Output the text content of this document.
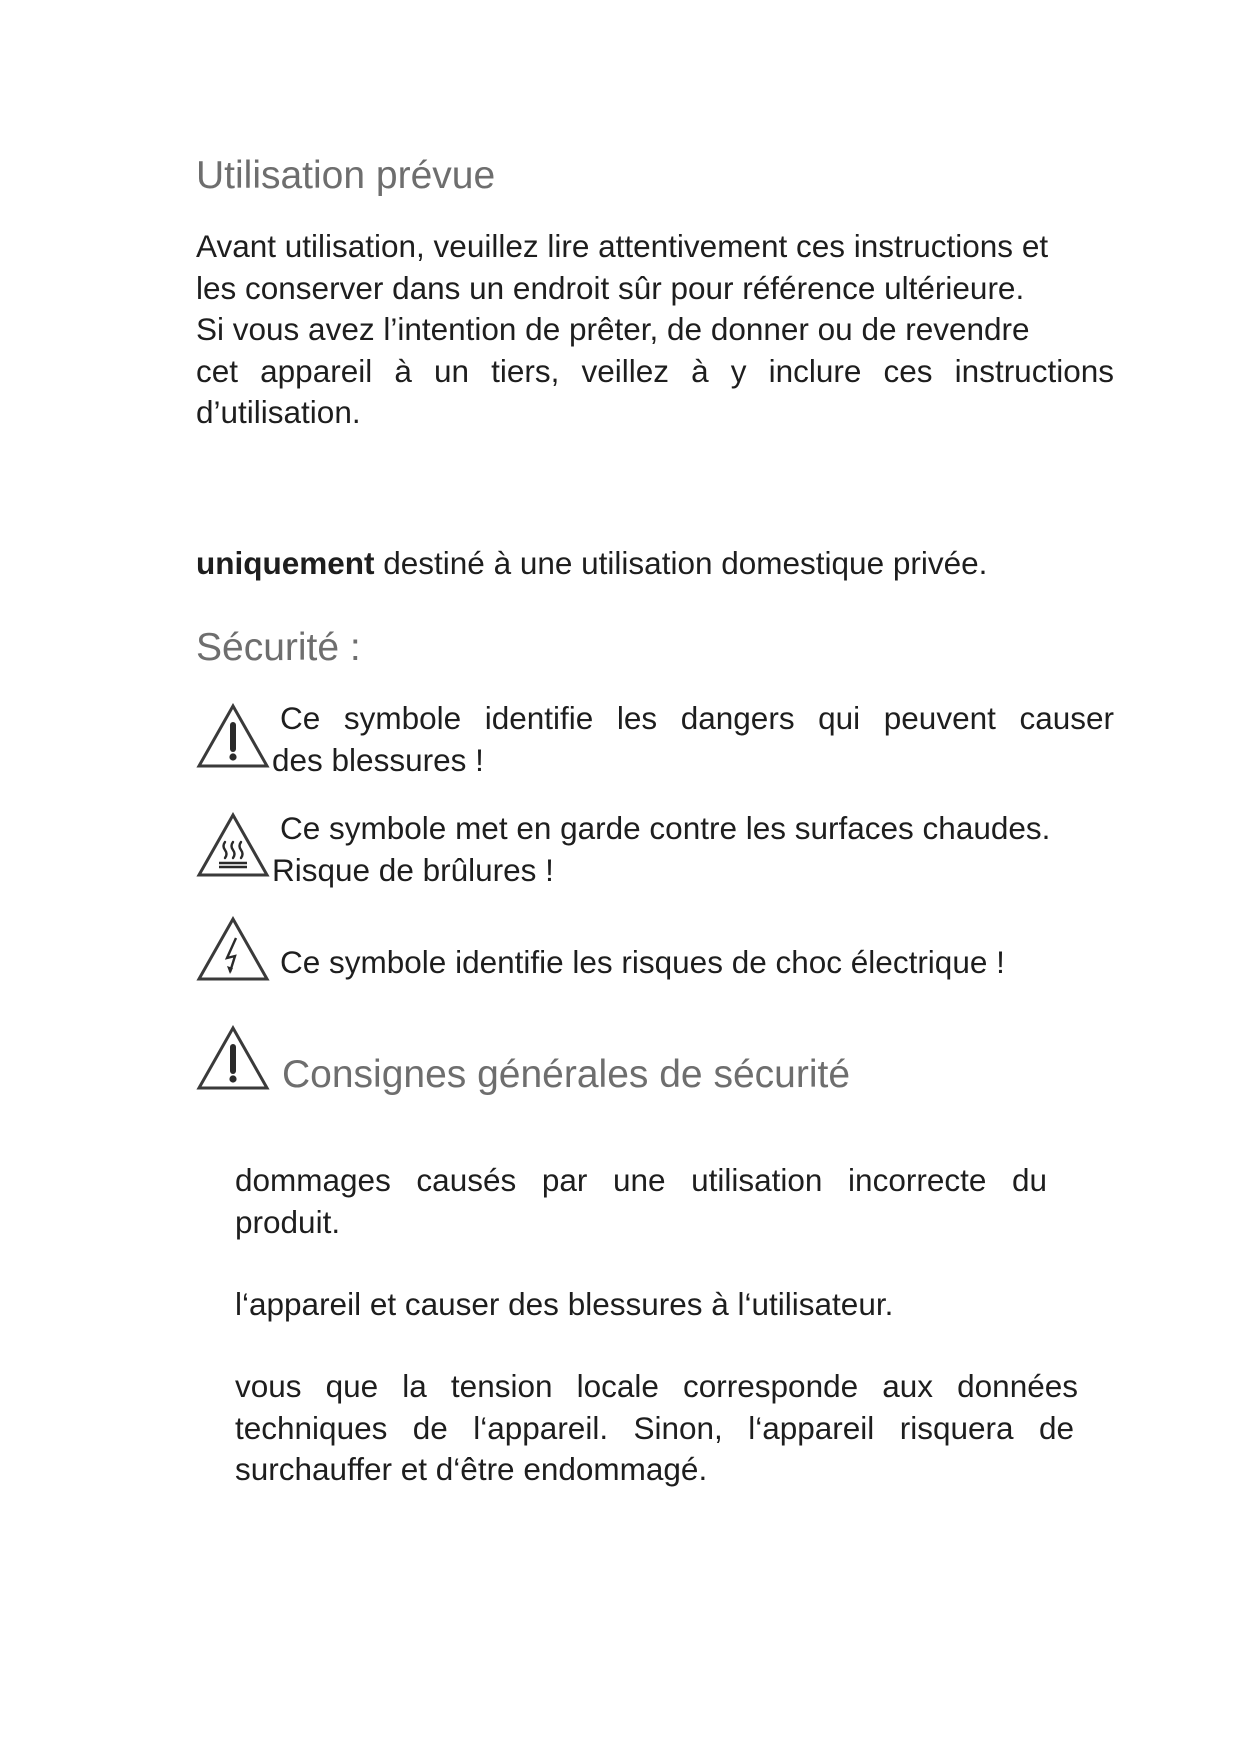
Utilisation prévue
Avant utilisation, veuillez lire attentivement ces instructions et
les conserver dans un endroit sûr pour référence ultérieure.
Si vous avez l’intention de prêter, de donner ou de revendre
cet appareil à un tiers, veillez à y inclure ces instructions
d’utilisation.
uniquement destiné à une utilisation domestique privée.
Sécurité :
Ce symbole identifie les dangers qui peuvent causer
des blessures !
Ce symbole met en garde contre les surfaces chaudes.
Risque de brûlures !
Ce symbole identifie les risques de choc électrique !
Consignes générales de sécurité
dommages causés par une utilisation incorrecte du
produit.
l‘appareil et causer des blessures à l‘utilisateur.
vous que la tension locale corresponde aux données
techniques de l‘appareil. Sinon, l‘appareil risquera de
surchauffer et d‘être endommagé.
